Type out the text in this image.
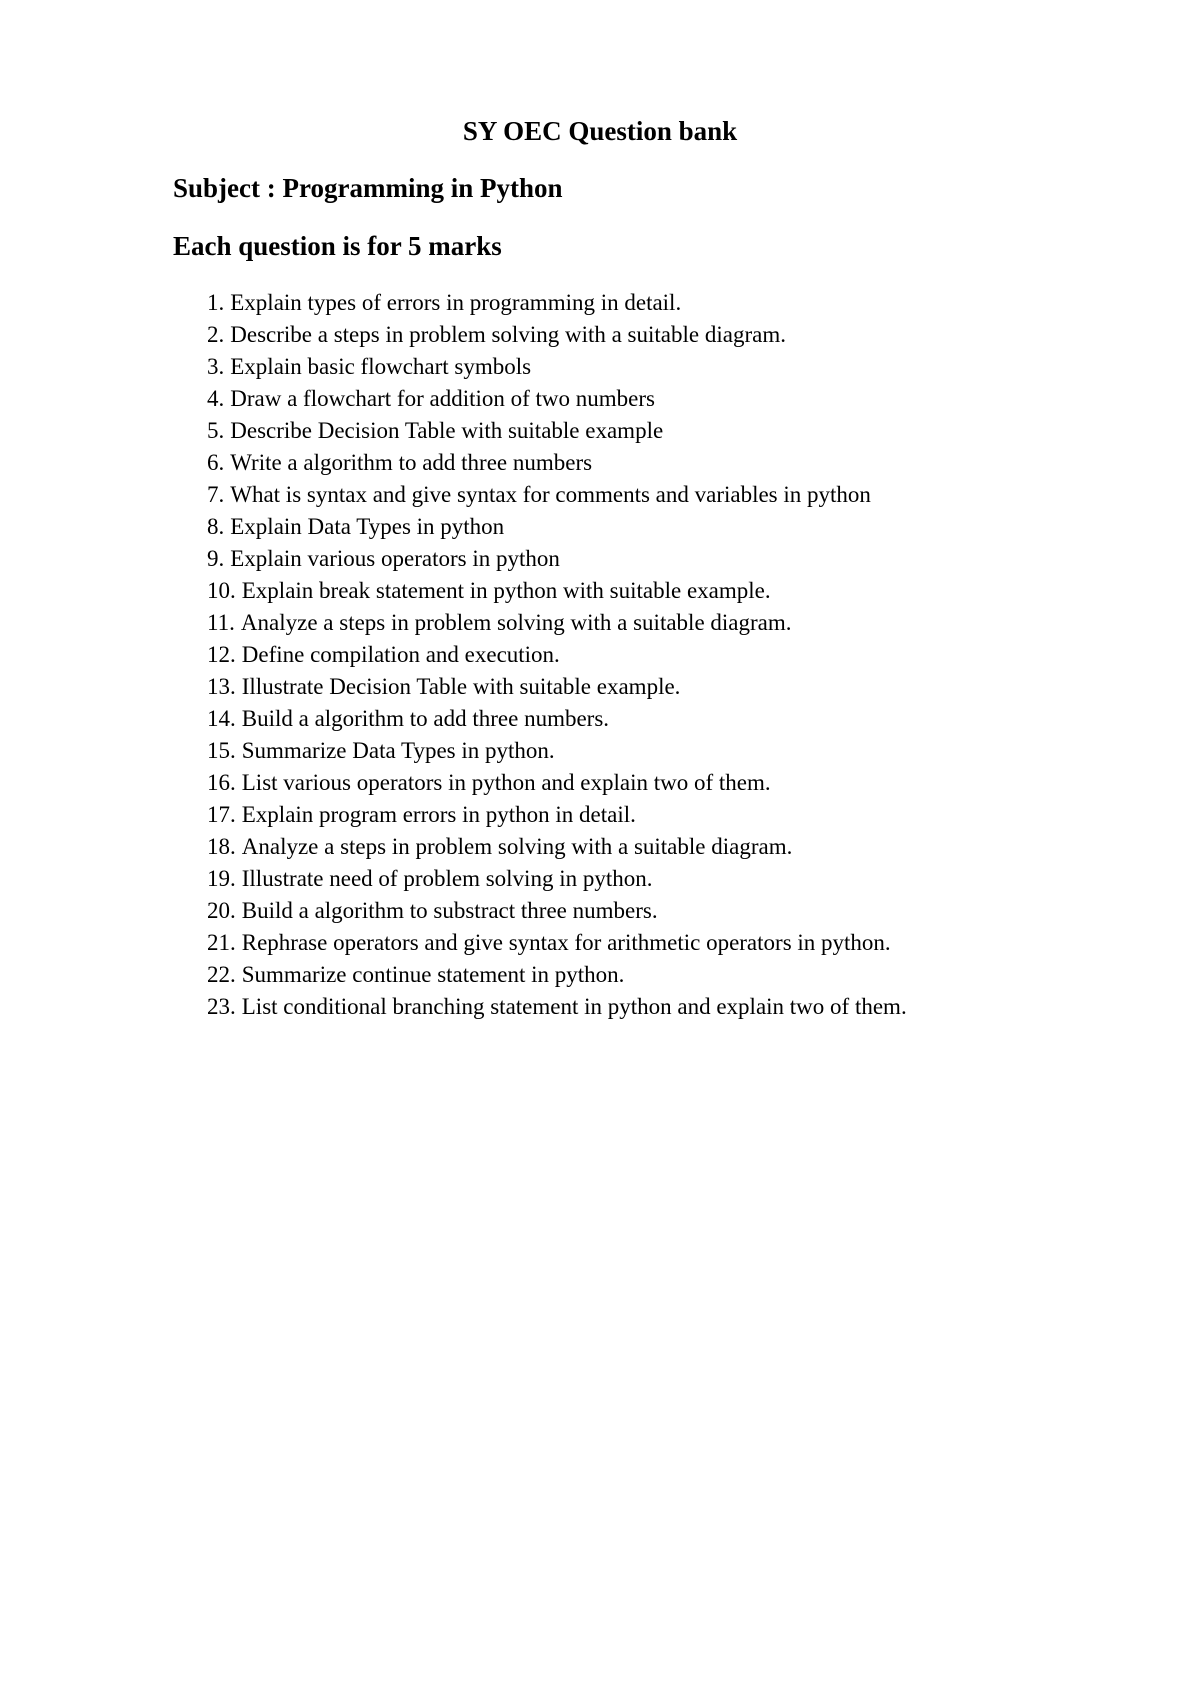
SY OEC Question bank
Subject : Programming in Python
Each question is for 5 marks
1. Explain types of errors in programming in detail.
2. Describe a steps in problem solving with a suitable diagram.
3. Explain basic flowchart symbols
4. Draw a flowchart for addition of two numbers
5. Describe Decision Table with suitable example
6. Write a algorithm to add three numbers
7. What is syntax and give syntax for comments and variables in python
8. Explain Data Types in python
9. Explain various operators in python
10. Explain break statement in python with suitable example.
11. Analyze a steps in problem solving with a suitable diagram.
12. Define compilation and execution.
13. Illustrate Decision Table with suitable example.
14. Build a algorithm to add three numbers.
15. Summarize Data Types in python.
16. List various operators in python and explain two of them.
17. Explain program errors in python in detail.
18. Analyze a steps in problem solving with a suitable diagram.
19. Illustrate need of problem solving in python.
20. Build a algorithm to substract three numbers.
21. Rephrase operators and give syntax for arithmetic operators in python.
22. Summarize continue statement in python.
23. List conditional branching statement in python and explain two of them.
